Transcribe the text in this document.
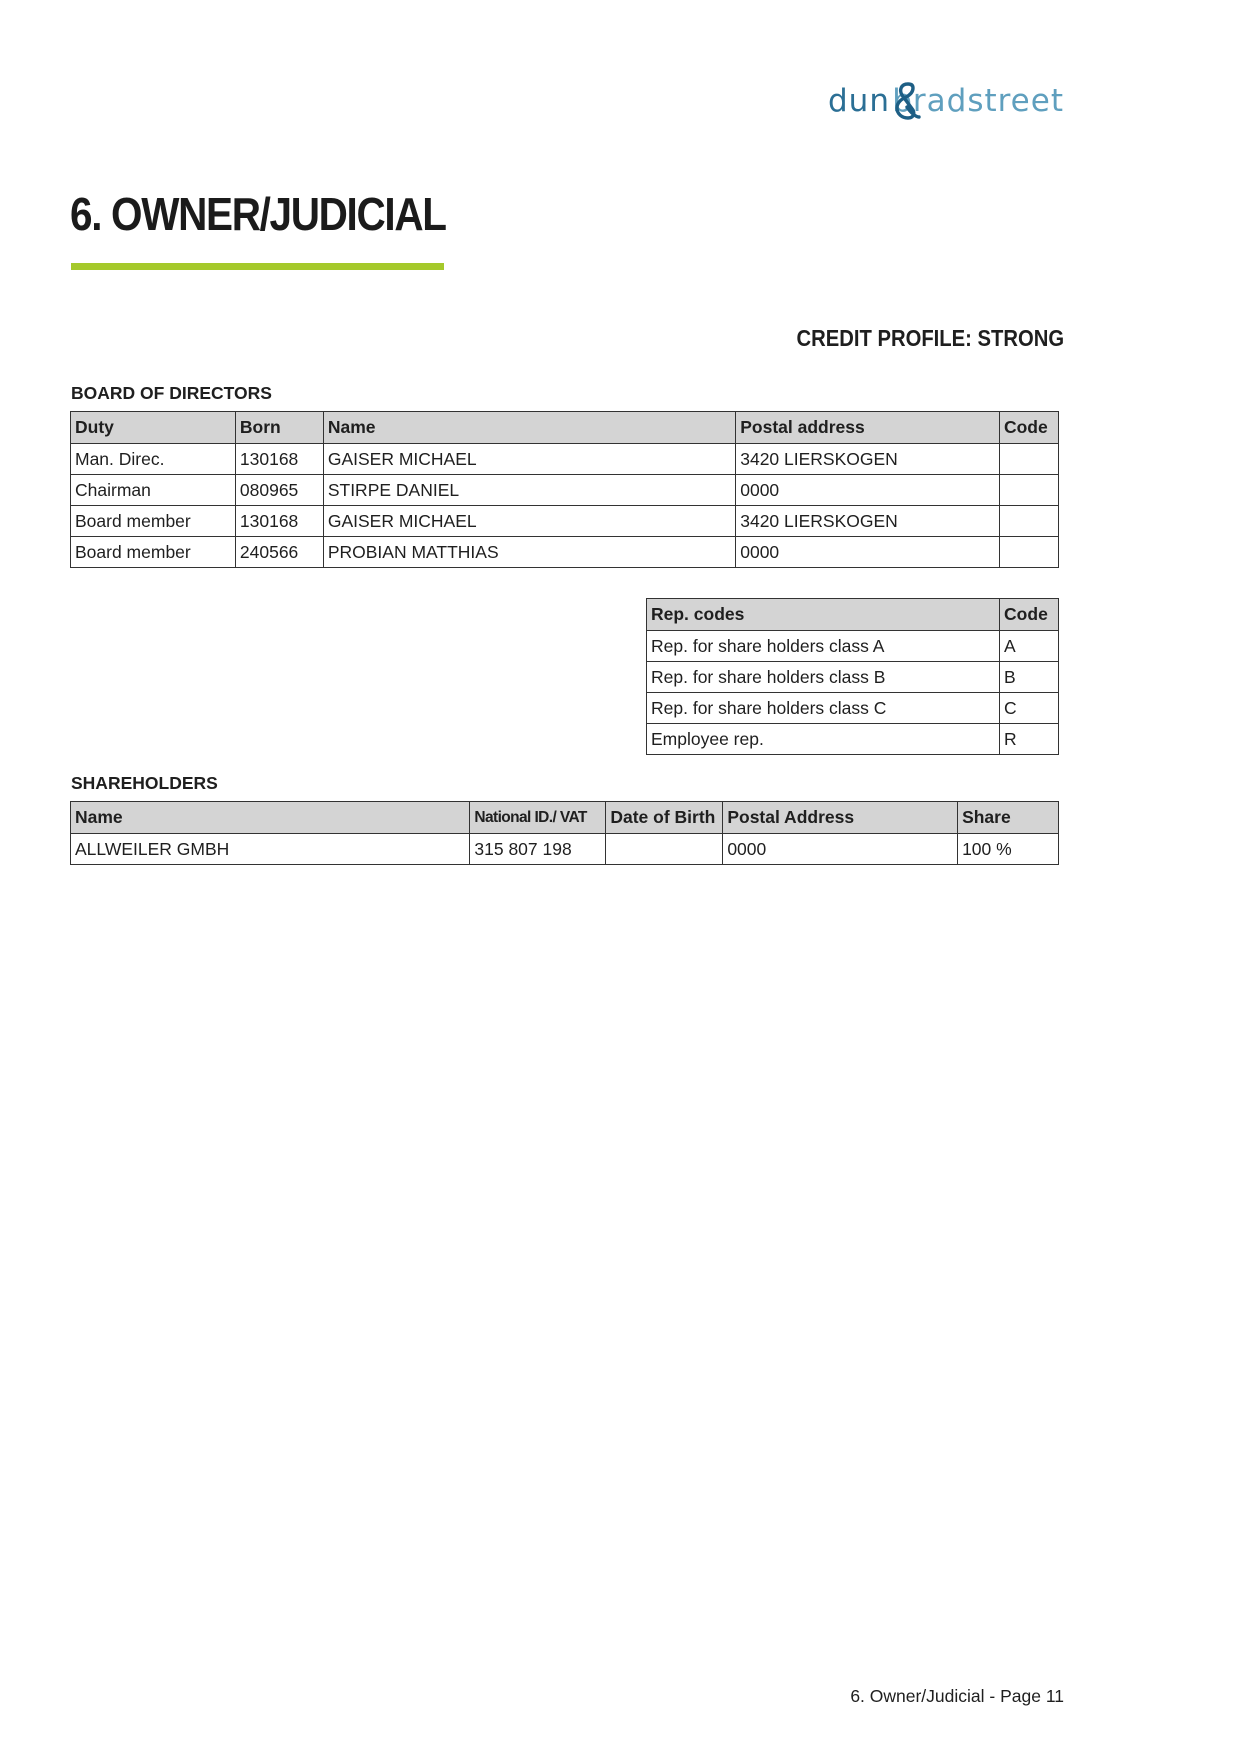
dun bradstreet
6. OWNER/JUDICIAL
CREDIT PROFILE: STRONG
BOARD OF DIRECTORS
Duty	Born	Name	Postal address	Code
Man. Direc.	130168	GAISER MICHAEL	3420 LIERSKOGEN	
Chairman	080965	STIRPE DANIEL	0000	
Board member	130168	GAISER MICHAEL	3420 LIERSKOGEN	
Board member	240566	PROBIAN MATTHIAS	0000	
Rep. codes	Code
Rep. for share holders class A	A
Rep. for share holders class B	B
Rep. for share holders class C	C
Employee rep.	R
SHAREHOLDERS
Name	National ID./ VAT	Date of Birth	Postal Address	Share
ALLWEILER GMBH	315 807 198		0000	100 %
6. Owner/Judicial - Page 11
